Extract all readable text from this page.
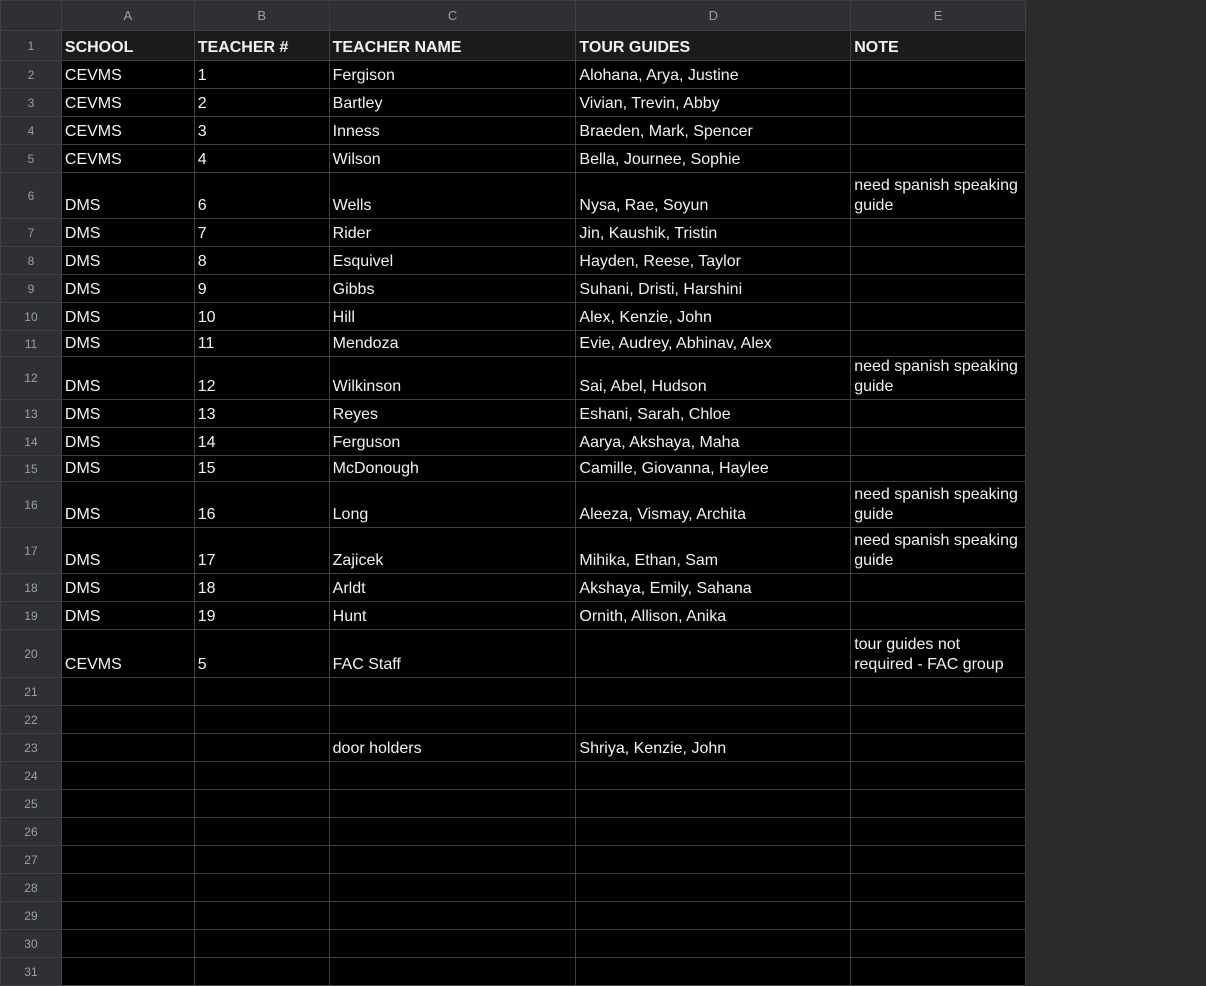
	A	B	C	D	E
1	SCHOOL	TEACHER #	TEACHER NAME	TOUR GUIDES	NOTE
2	CEVMS	1	Fergison	Alohana, Arya, Justine	
3	CEVMS	2	Bartley	Vivian, Trevin, Abby	
4	CEVMS	3	Inness	Braeden, Mark, Spencer	
5	CEVMS	4	Wilson	Bella, Journee, Sophie	
6	DMS	6	Wells	Nysa, Rae, Soyun	need spanish speaking guide
7	DMS	7	Rider	Jin, Kaushik, Tristin	
8	DMS	8	Esquivel	Hayden, Reese, Taylor	
9	DMS	9	Gibbs	Suhani, Dristi, Harshini	
10	DMS	10	Hill	Alex, Kenzie, John	
11	DMS	11	Mendoza	Evie, Audrey, Abhinav, Alex	
12	DMS	12	Wilkinson	Sai, Abel, Hudson	need spanish speaking guide
13	DMS	13	Reyes	Eshani, Sarah, Chloe	
14	DMS	14	Ferguson	Aarya, Akshaya, Maha	
15	DMS	15	McDonough	Camille, Giovanna, Haylee	
16	DMS	16	Long	Aleeza, Vismay, Archita	need spanish speaking guide
17	DMS	17	Zajicek	Mihika, Ethan, Sam	need spanish speaking guide
18	DMS	18	Arldt	Akshaya, Emily, Sahana	
19	DMS	19	Hunt	Ornith, Allison, Anika	
20	CEVMS	5	FAC Staff		tour guides not required - FAC group
21					
22					
23			door holders	Shriya, Kenzie, John	
24					
25					
26					
27					
28					
29					
30					
31					
